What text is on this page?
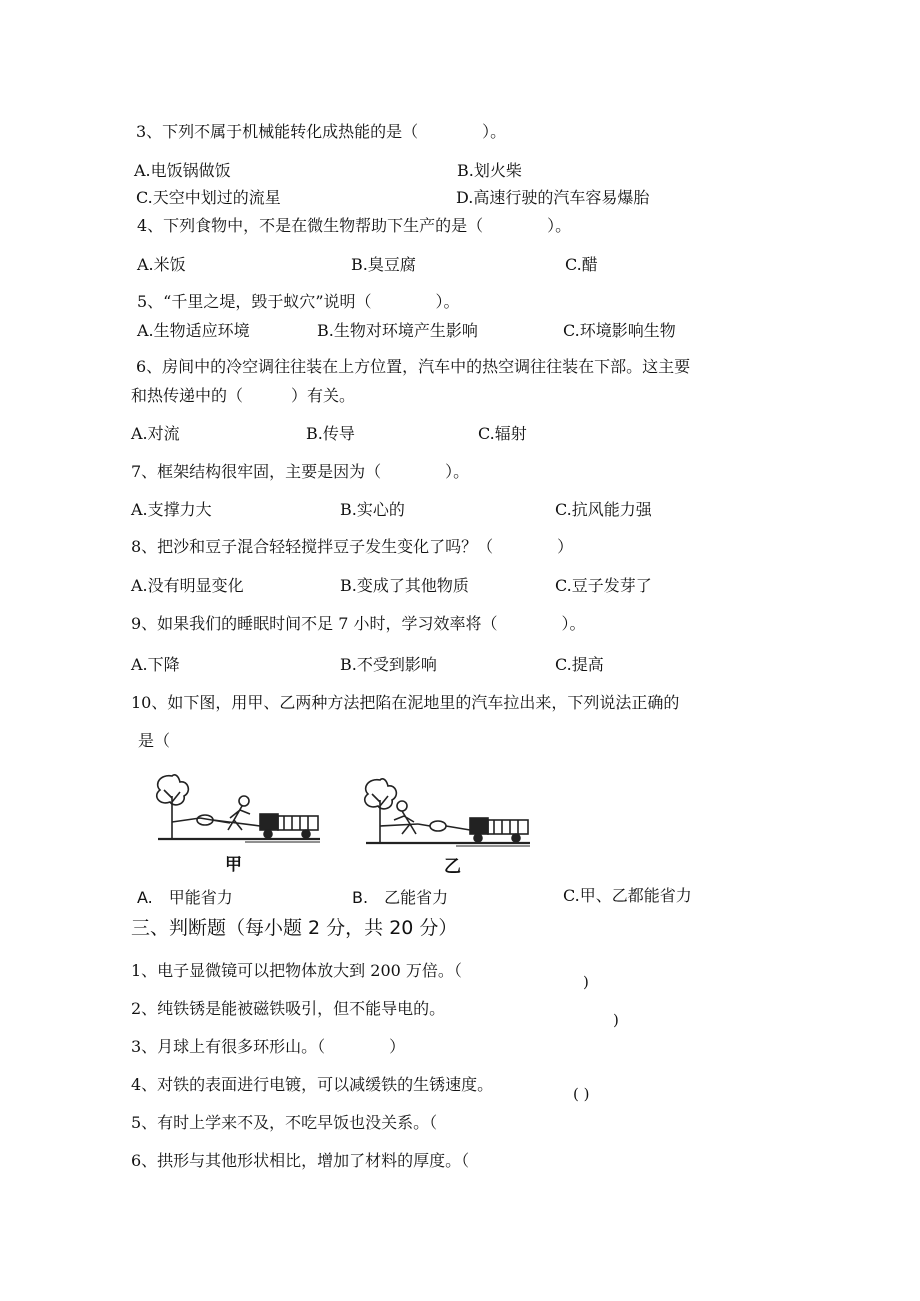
3、下列不属于机械能转化成热能的是（　　　　）。
A.电饭锅做饭	B.划火柴
C.天空中划过的流星	D.高速行驶的汽车容易爆胎
4、下列食物中，不是在微生物帮助下生产的是（　　　　）。
A.米饭	B.臭豆腐	C.醋
5、“千里之堤，毁于蚁穴”说明（　　　　）。
A.生物适应环境	B.生物对环境产生影响	C.环境影响生物
6、房间中的冷空调往往装在上方位置，汽车中的热空调往往装在下部。这主要
和热传递中的（　　　）有关。
A.对流	B.传导	C.辐射
7、框架结构很牢固，主要是因为（　　　　）。
A.支撑力大	B.实心的	C.抗风能力强
8、把沙和豆子混合轻轻搅拌豆子发生变化了吗？（　　　　）
A.没有明显变化	B.变成了其他物质	C.豆子发芽了
9、如果我们的睡眠时间不足 7 小时，学习效率将（　　　　）。
A.下降	B.不受到影响	C.提高
10、如下图，用甲、乙两种方法把陷在泥地里的汽车拉出来，下列说法正确的
是（
甲	乙
A.　甲能省力	B.　乙能省力	C.甲、乙都能省力
三、判断题（每小题 2 分，共 20 分）
1、电子显微镜可以把物体放大到 200 万倍。（
)
2、纯铁锈是能被磁铁吸引，但不能导电的。
)
3、月球上有很多环形山。（　　　　）
4、对铁的表面进行电镀，可以减缓铁的生锈速度。	( )
5、有时上学来不及，不吃早饭也没关系。（
6、拱形与其他形状相比，增加了材料的厚度。（
